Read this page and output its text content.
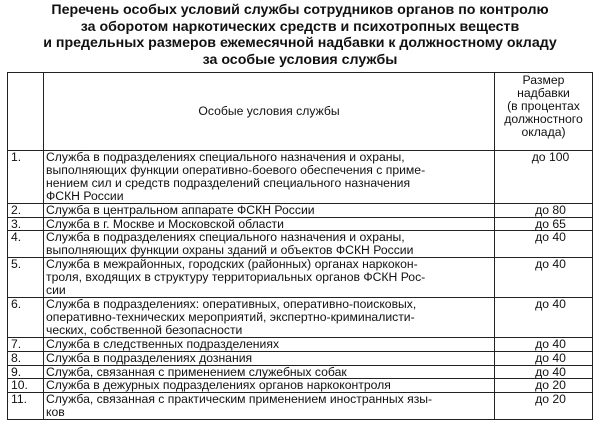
Перечень особых условий службы сотрудников органов по контролю
за оборотом наркотических средств и психотропных веществ
и предельных размеров ежемесячной надбавки к должностному окладу
за особые условия службы
	Особые условия службы	Размер
надбавки
(в процентах
должностного
оклада)

1.	Служба в подразделениях специального назначения и охраны,
выполняющих функции оперативно-боевого обеспечения с приме-
нением сил и средств подразделений специального назначения
ФСКН России	до 100
2.	Служба в центральном аппарате ФСКН России	до 80
3.	Служба в г. Москве и Московской области	до 65
4.	Служба в подразделениях специального назначения и охраны,
выполняющих функции охраны зданий и объектов ФСКН России	до 40
5.	Служба в межрайонных, городских (районных) органах наркокон-
троля, входящих в структуру территориальных органов ФСКН Рос-
сии	до 40
6.	Служба в подразделениях: оперативных, оперативно-поисковых,
оперативно-технических мероприятий, экспертно-криминалисти-
ческих, собственной безопасности	до 40
7.	Служба в следственных подразделениях	до 40
8.	Служба в подразделениях дознания	до 40
9.	Служба, связанная с применением служебных собак	до 40
10.	Служба в дежурных подразделениях органов наркоконтроля	до 20
11.	Служба, связанная с практическим применением иностранных язы-
ков	до 20
